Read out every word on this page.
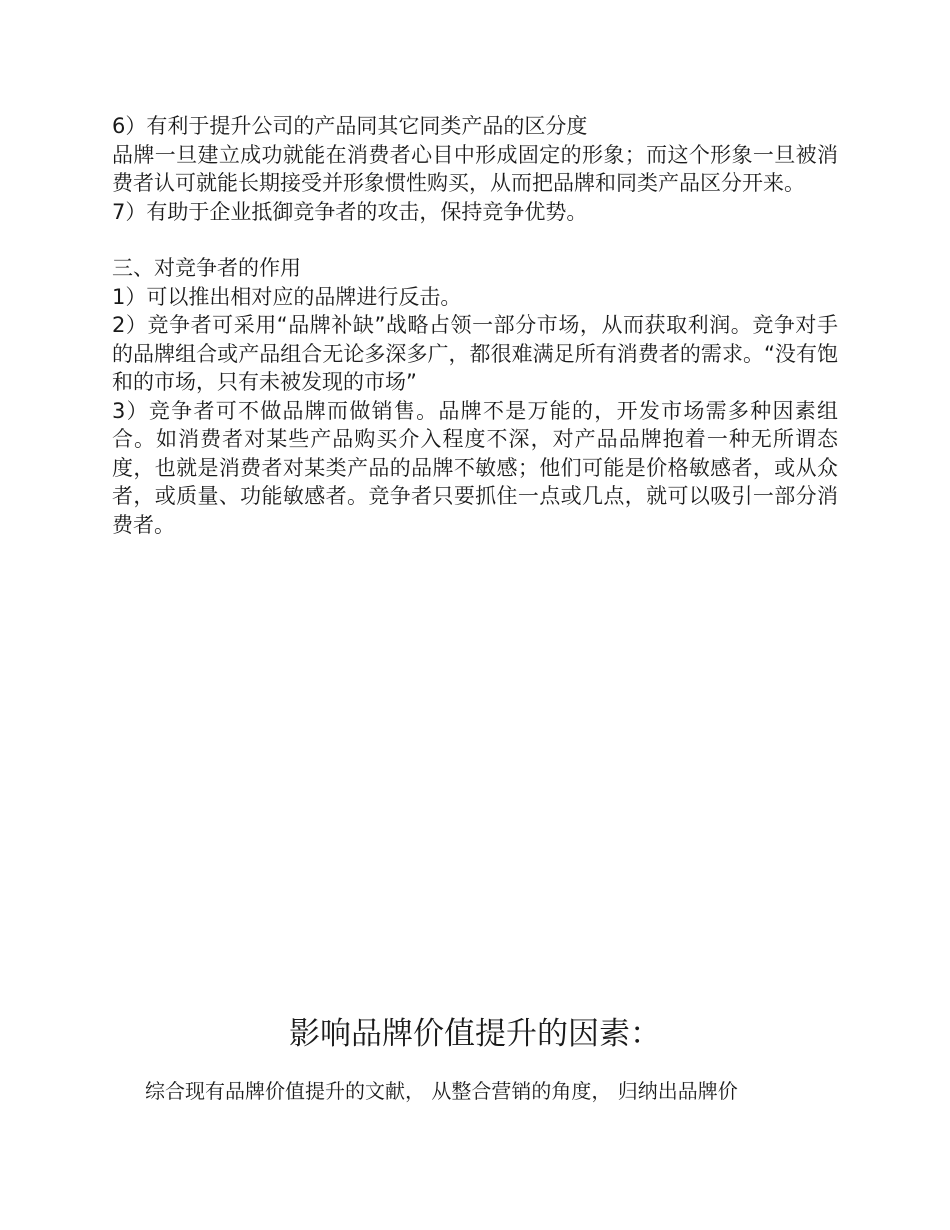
6）有利于提升公司的产品同其它同类产品的区分度

品牌一旦建立成功就能在消费者心目中形成固定的形象；而这个形象一旦被消费者认可就能长期接受并形象惯性购买，从而把品牌和同类产品区分开来。

7）有助于企业抵御竞争者的攻击，保持竞争优势。

三、对竞争者的作用

1）可以推出相对应的品牌进行反击。

2）竞争者可采用“品牌补缺”战略占领一部分市场，从而获取利润。竞争对手的品牌组合或产品组合无论多深多广，都很难满足所有消费者的需求。“没有饱和的市场，只有未被发现的市场”

3）竞争者可不做品牌而做销售。品牌不是万能的，开发市场需多种因素组合。如消费者对某些产品购买介入程度不深，对产品品牌抱着一种无所谓态度，也就是消费者对某类产品的品牌不敏感；他们可能是价格敏感者，或从众者，或质量、功能敏感者。竞争者只要抓住一点或几点，就可以吸引一部分消费者。

影响品牌价值提升的因素：

综合现有品牌价值提升的文献， 从整合营销的角度， 归纳出品牌价
